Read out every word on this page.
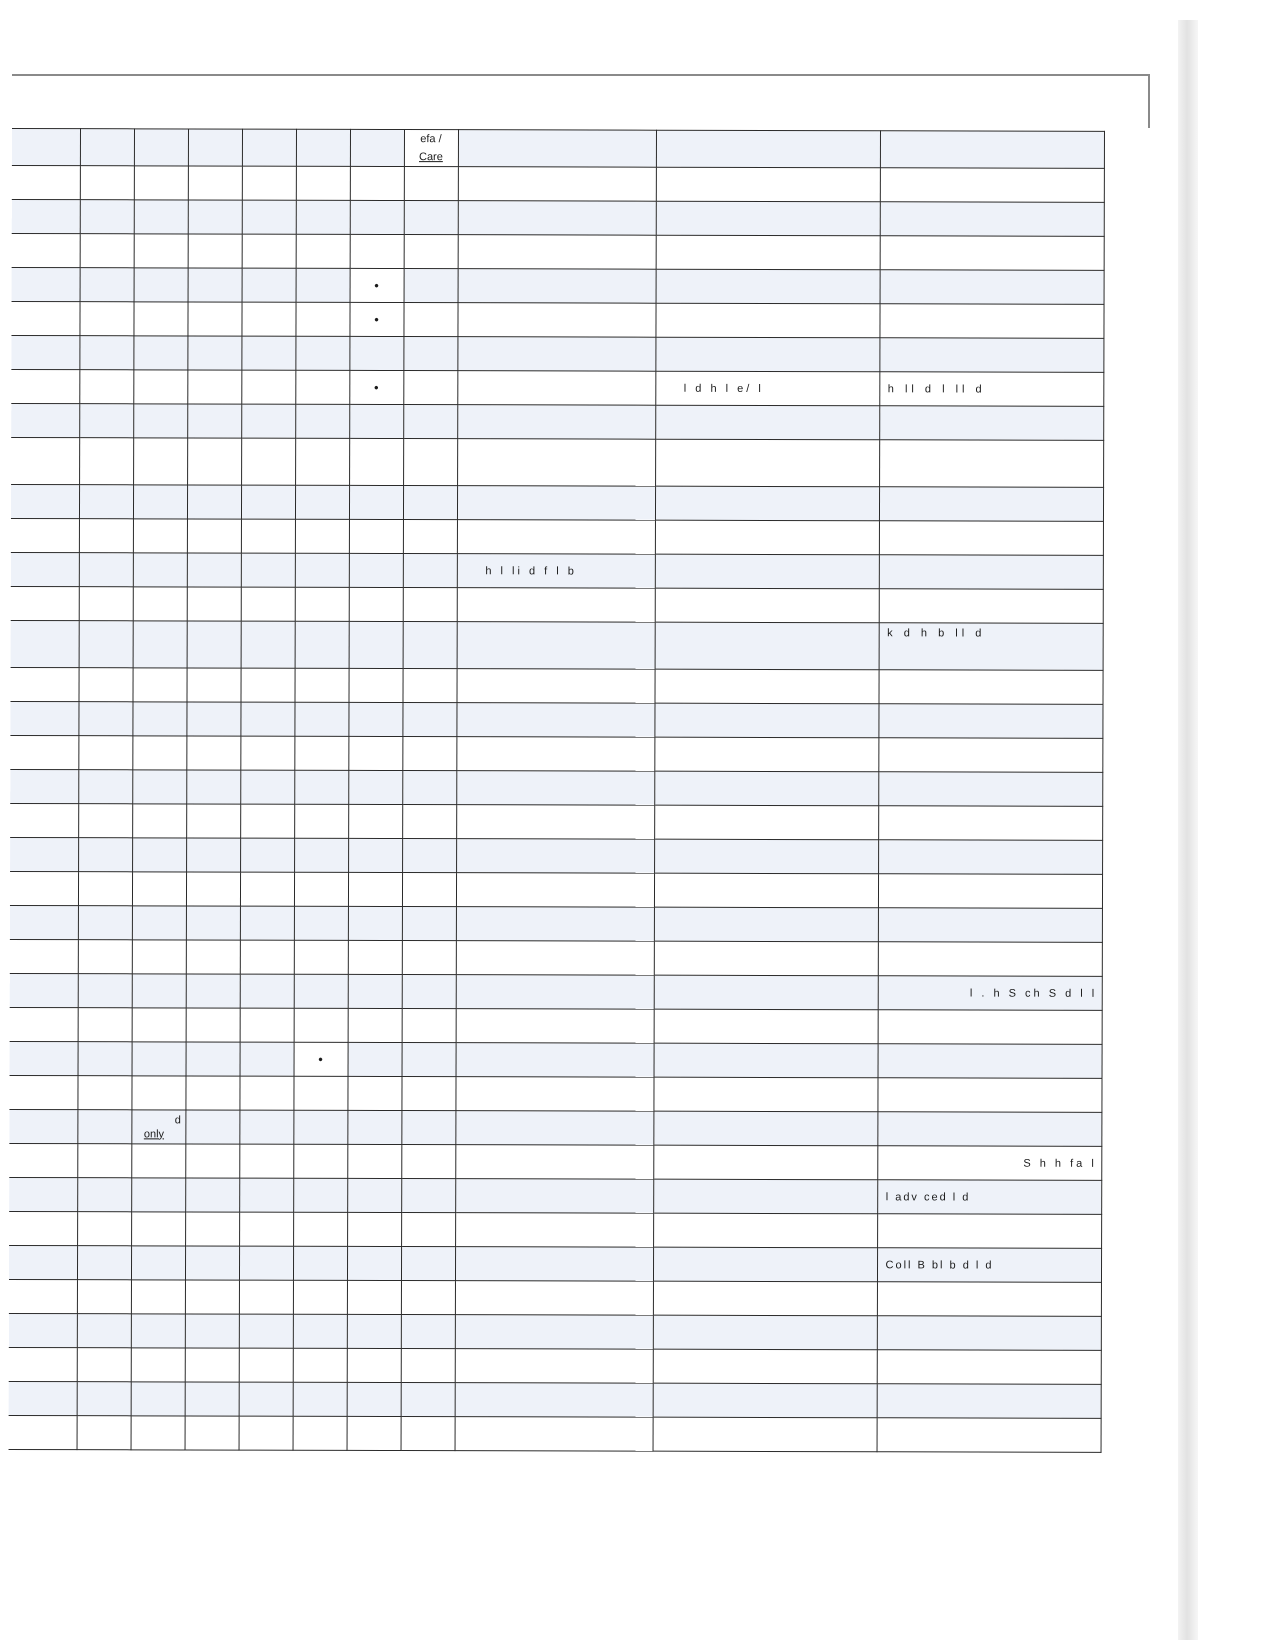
							efa /
Care			

						•				

						•				

						•			l d h l e/ l	h ll d l ll d

								h l li d f l b		

										k d h b ll d

										l . h S ch S d l l

					•					

		d
only								

										S h h fa l

										l adv ced l d

										Coll B bl b d l d
